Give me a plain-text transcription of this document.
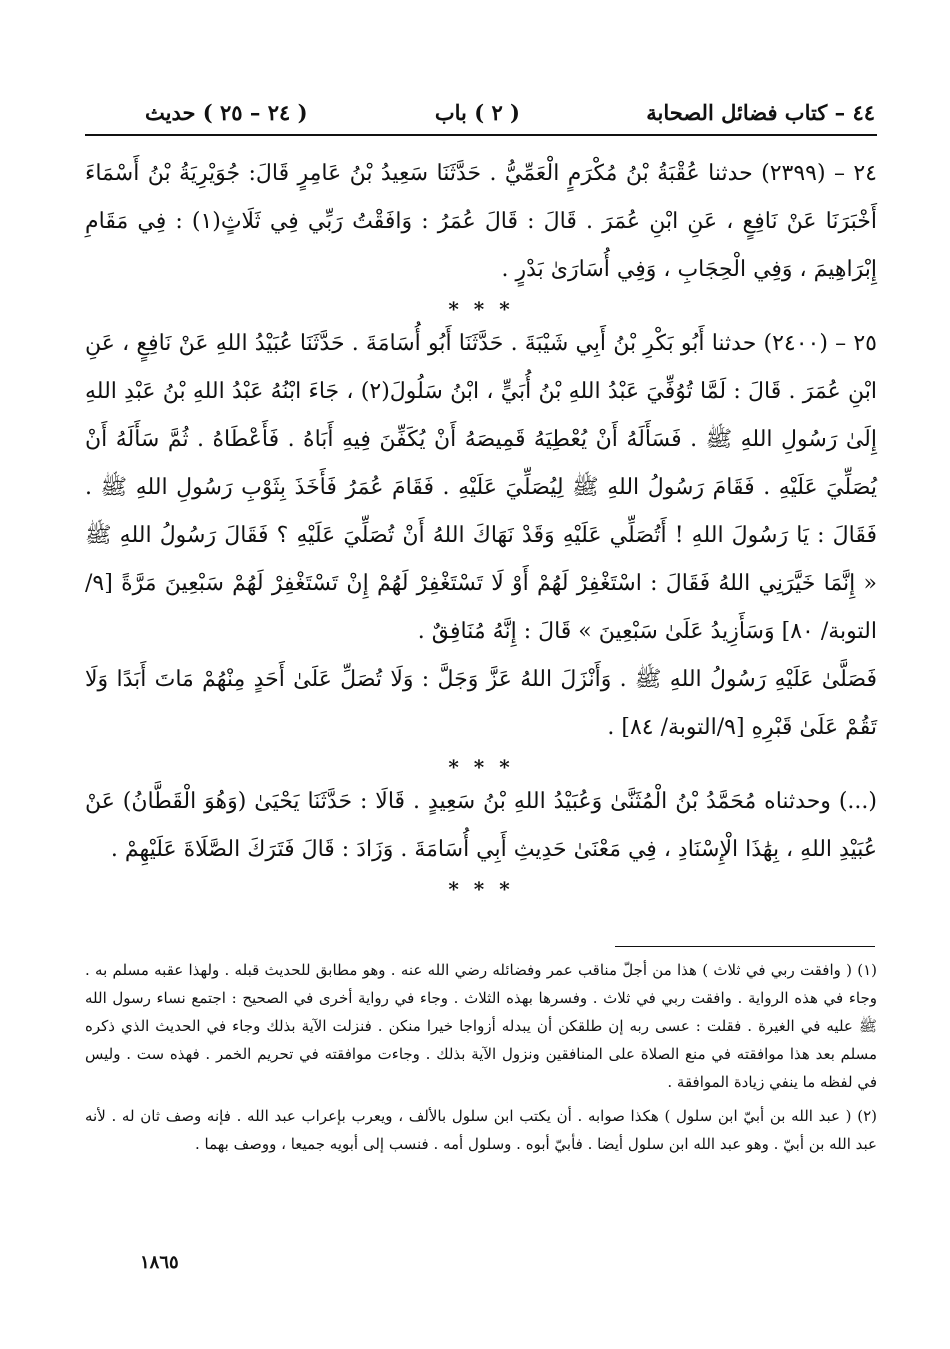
٤٤ – كتاب فضائل الصحابة
( ٢ ) باب
( ٢٤ – ٢٥ ) حديث

٢٤ – (٢٣٩٩) حدثنا عُقْبَةُ بْنُ مُكْرَمٍ الْعَمِّيُّ . حَدَّثَنَا سَعِيدُ بْنُ عَامِرٍ قَالَ: جُوَيْرِيَةُ بْنُ أَسْمَاءَ أَخْبَرَنَا عَنْ نَافِعٍ ، عَنِ ابْنِ عُمَرَ . قَالَ : قَالَ عُمَرُ : وَافَقْتُ رَبِّي فِي ثَلَاثٍ(١) : فِي مَقَامِ إِبْرَاهِيمَ ، وَفِي الْحِجَابِ ، وَفِي أُسَارَىٰ بَدْرٍ .

* * *

٢٥ – (٢٤٠٠) حدثنا أَبُو بَكْرِ بْنُ أَبِي شَيْبَةَ . حَدَّثَنَا أَبُو أُسَامَةَ . حَدَّثَنَا عُبَيْدُ اللهِ عَنْ نَافِعٍ ، عَنِ ابْنِ عُمَرَ . قَالَ : لَمَّا تُوُفِّيَ عَبْدُ اللهِ بْنُ أُبَيٍّ ، ابْنُ سَلُولَ(٢) ، جَاءَ ابْنُهُ عَبْدُ اللهِ بْنُ عَبْدِ اللهِ إِلَىٰ رَسُولِ اللهِ ﷺ . فَسَأَلَهُ أَنْ يُعْطِيَهُ قَمِيصَهُ أَنْ يُكَفِّنَ فِيهِ أَبَاهُ . فَأَعْطَاهُ . ثُمَّ سَأَلَهُ أَنْ يُصَلِّيَ عَلَيْهِ . فَقَامَ رَسُولُ اللهِ ﷺ لِيُصَلِّيَ عَلَيْهِ . فَقَامَ عُمَرُ فَأَخَذَ بِثَوْبِ رَسُولِ اللهِ ﷺ . فَقَالَ : يَا رَسُولَ اللهِ ! أَتُصَلِّي عَلَيْهِ وَقَدْ نَهَاكَ اللهُ أَنْ تُصَلِّيَ عَلَيْهِ ؟ فَقَالَ رَسُولُ اللهِ ﷺ « إِنَّمَا خَيَّرَنِي اللهُ فَقَالَ : اسْتَغْفِرْ لَهُمْ أَوْ لَا تَسْتَغْفِرْ لَهُمْ إِنْ تَسْتَغْفِرْ لَهُمْ سَبْعِينَ مَرَّةً [٩/التوبة/ ٨٠] وَسَأَزِيدُ عَلَىٰ سَبْعِينَ » قَالَ : إِنَّهُ مُنَافِقٌ .

فَصَلَّىٰ عَلَيْهِ رَسُولُ اللهِ ﷺ . وَأَنْزَلَ اللهُ عَزَّ وَجَلَّ : وَلَا تُصَلِّ عَلَىٰ أَحَدٍ مِنْهُمْ مَاتَ أَبَدًا وَلَا تَقُمْ عَلَىٰ قَبْرِهِ [٩/التوبة/ ٨٤] .

* * *

(...) وحدثناه مُحَمَّدُ بْنُ الْمُثَنَّىٰ وَعُبَيْدُ اللهِ بْنُ سَعِيدٍ . قَالَا : حَدَّثَنَا يَحْيَىٰ (وَهُوَ الْقَطَّانُ) عَنْ عُبَيْدِ اللهِ ، بِهَٰذَا الْإِسْنَادِ ، فِي مَعْنَىٰ حَدِيثِ أَبِي أُسَامَةَ . وَزَادَ : قَالَ فَتَرَكَ الصَّلَاةَ عَلَيْهِمْ .

* * *

(١) ( وافقت ربي في ثلاث ) هذا من أجلّ مناقب عمر وفضائله رضي الله عنه . وهو مطابق للحديث قبله . ولهذا عقبه مسلم به . وجاء في هذه الرواية . وافقت ربي في ثلاث . وفسرها بهذه الثلاث . وجاء في رواية أخرى في الصحيح : اجتمع نساء رسول الله ﷺ عليه في الغيرة . فقلت : عسى ربه إن طلقكن أن يبدله أزواجا خيرا منكن . فنزلت الآية بذلك وجاء في الحديث الذي ذكره مسلم بعد هذا موافقته في منع الصلاة على المنافقين ونزول الآية بذلك . وجاءت موافقته في تحريم الخمر . فهذه ست . وليس في لفظه ما ينفي زيادة الموافقة .

(٢) ( عبد الله بن أبيّ ابن سلول ) هكذا صوابه . أن يكتب ابن سلول بالألف ، ويعرب بإعراب عبد الله . فإنه وصف ثان له . لأنه عبد الله بن أبيّ . وهو عبد الله ابن سلول أيضا . فأبيّ أبوه . وسلول أمه . فنسب إلى أبويه جميعا ، ووصف بهما .

١٨٦٥
